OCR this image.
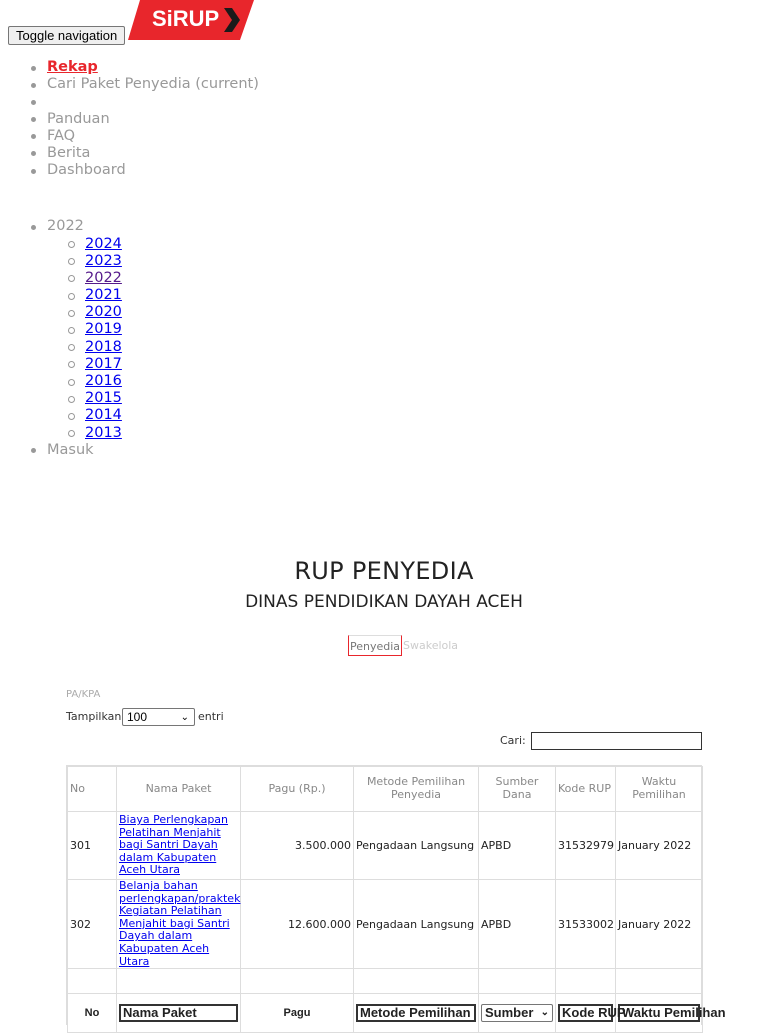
Toggle navigation
SiRUP
Rekap
Cari Paket Penyedia (current)
Panduan
FAQ
Berita
Dashboard
2022
2024
2023
2022
2021
2020
2019
2018
2017
2016
2015
2014
2013
Masuk
RUP PENYEDIA
DINAS PENDIDIKAN DAYAH ACEH
Penyedia Swakelola
PA/KPA
Tampilkan 100	⌄ entri
Cari:
No	Nama Paket	Pagu (Rp.)	Metode Pemilihan Penyedia	Sumber Dana	Kode RUP	Waktu Pemilihan
301	Biaya Perlengkapan Pelatihan Menjahit bagi Santri Dayah dalam Kabupaten Aceh Utara	3.500.000	Pengadaan Langsung	APBD	31532979	January 2022
302	Belanja bahan perlengkapan/praktek Kegiatan Pelatihan Menjahit bagi Santri Dayah dalam Kabupaten Aceh Utara	12.600.000	Pengadaan Langsung	APBD	31533002	January 2022

No	Nama Paket	Pagu	Metode Pemilihan	Sumber ⌄	Kode RUP	Waktu Pemilihan
